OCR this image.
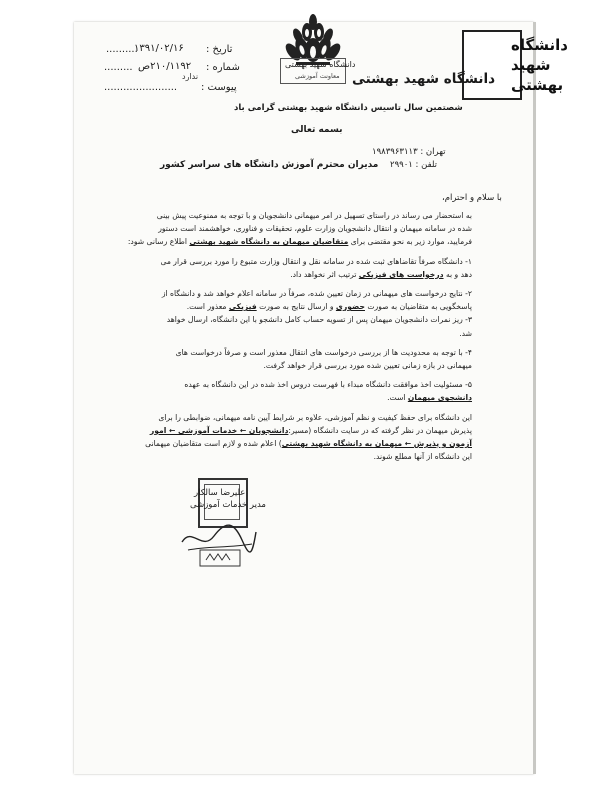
دانشگاه
شهید
بهشتی
دانشگاه شهید بهشتی
دانشگاه شهید بهشتی
معاونت آموزشی
تاریخ :
..........
۱۳۹۱/۰۲/۱۶
شماره :
......... ۲۱۰/۱۱۹۲ص
ندارد
پیوست :
.......................
شصتمین سال تاسیس دانشگاه شهید بهشتی گرامی باد
بسمه تعالی
تهران : ۱۹۸۳۹۶۳۱۱۳
تلفن : ۲۹۹۰۱
مدیران محترم آموزش دانشگاه های سراسر کشور
با سلام و احترام،
به استحضار می رساند در راستای تسهیل در امر میهمانی دانشجویان و با توجه به ممنوعیت پیش بینی
شده در سامانه میهمان و انتقال دانشجویان وزارت علوم، تحقیقات و فناوری، خواهشمند است دستور
فرمایید، موارد زیر به نحو مقتضی برای متقاضیان میهمان به دانشگاه شهید بهشتی اطلاع رسانی شود:
۱- دانشگاه صرفاً تقاضاهای ثبت شده در سامانه نقل و انتقال وزارت متبوع را مورد بررسی قرار می
دهد و به درخواست های فیزیکی ترتیب اثر نخواهد داد.
۲- نتایج درخواست های میهمانی در زمان تعیین شده، صرفاً در سامانه اعلام خواهد شد و دانشگاه از
پاسخگویی به متقاضیان به صورت حضوری و ارسال نتایج به صورت فیزیکی معذور است.
۳- ریز نمرات دانشجویان میهمان پس از تسویه حساب کامل دانشجو با این دانشگاه، ارسال خواهد
شد.
۴- با توجه به محدودیت ها از بررسی درخواست های انتقال معذور است و صرفاً درخواست های
میهمانی در بازه زمانی تعیین شده مورد بررسی قرار خواهد گرفت.
۵- مسئولیت اخذ موافقت دانشگاه مبداء با فهرست دروس اخذ شده در این دانشگاه به عهده
دانشجوی میهمان است.
این دانشگاه برای حفظ کیفیت و نظم آموزشی، علاوه بر شرایط آیین نامه میهمانی، ضوابطی را برای
پذیرش میهمان در نظر گرفته که در سایت دانشگاه (مسیر:دانشجویان ← خدمات آموزشی ← امور
آزمون و پذیرش ← میهمان به دانشگاه شهید بهشتی) اعلام شده و لازم است متقاضیان میهمانی
این دانشگاه از آنها مطلع شوند.
علیرضا سالکار
مدیر خدمات آموزشی
